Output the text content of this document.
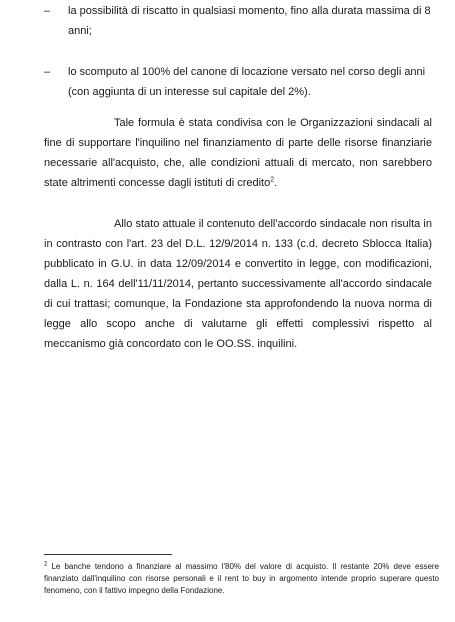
– la possibilità di riscatto in qualsiasi momento, fino alla durata massima di 8 anni;
– lo scomputo al 100% del canone di locazione versato nel corso degli anni (con aggiunta di un interesse sul capitale del 2%).

Tale formula è stata condivisa con le Organizzazioni sindacali al fine di supportare l'inquilino nel finanziamento di parte delle risorse finanziarie necessarie all'acquisto, che, alle condizioni attuali di mercato, non sarebbero state altrimenti concesse dagli istituti di credito$^2$.

Allo stato attuale il contenuto dell'accordo sindacale non risulta in in contrasto con l'art. 23 del D.L. 12/9/2014 n. 133 (c.d. decreto Sblocca Italia) pubblicato in G.U. in data 12/09/2014 e convertito in legge, con modificazioni, dalla L. n. 164 dell'11/11/2014, pertanto successivamente all'accordo sindacale di cui trattasi; comunque, la Fondazione sta approfondendo la nuova norma di legge allo scopo anche di valutarne gli effetti complessivi rispetto al meccanismo già concordato con le OO.SS. inquilini.

$^2$ Le banche tendono a finanziare al massimo l'80% del valore di acquisto. Il restante 20% deve essere finanziato dall'inquilino con risorse personali e il rent to buy in argomento intende proprio superare questo fenomeno, con il fattivo impegno della Fondazione.
